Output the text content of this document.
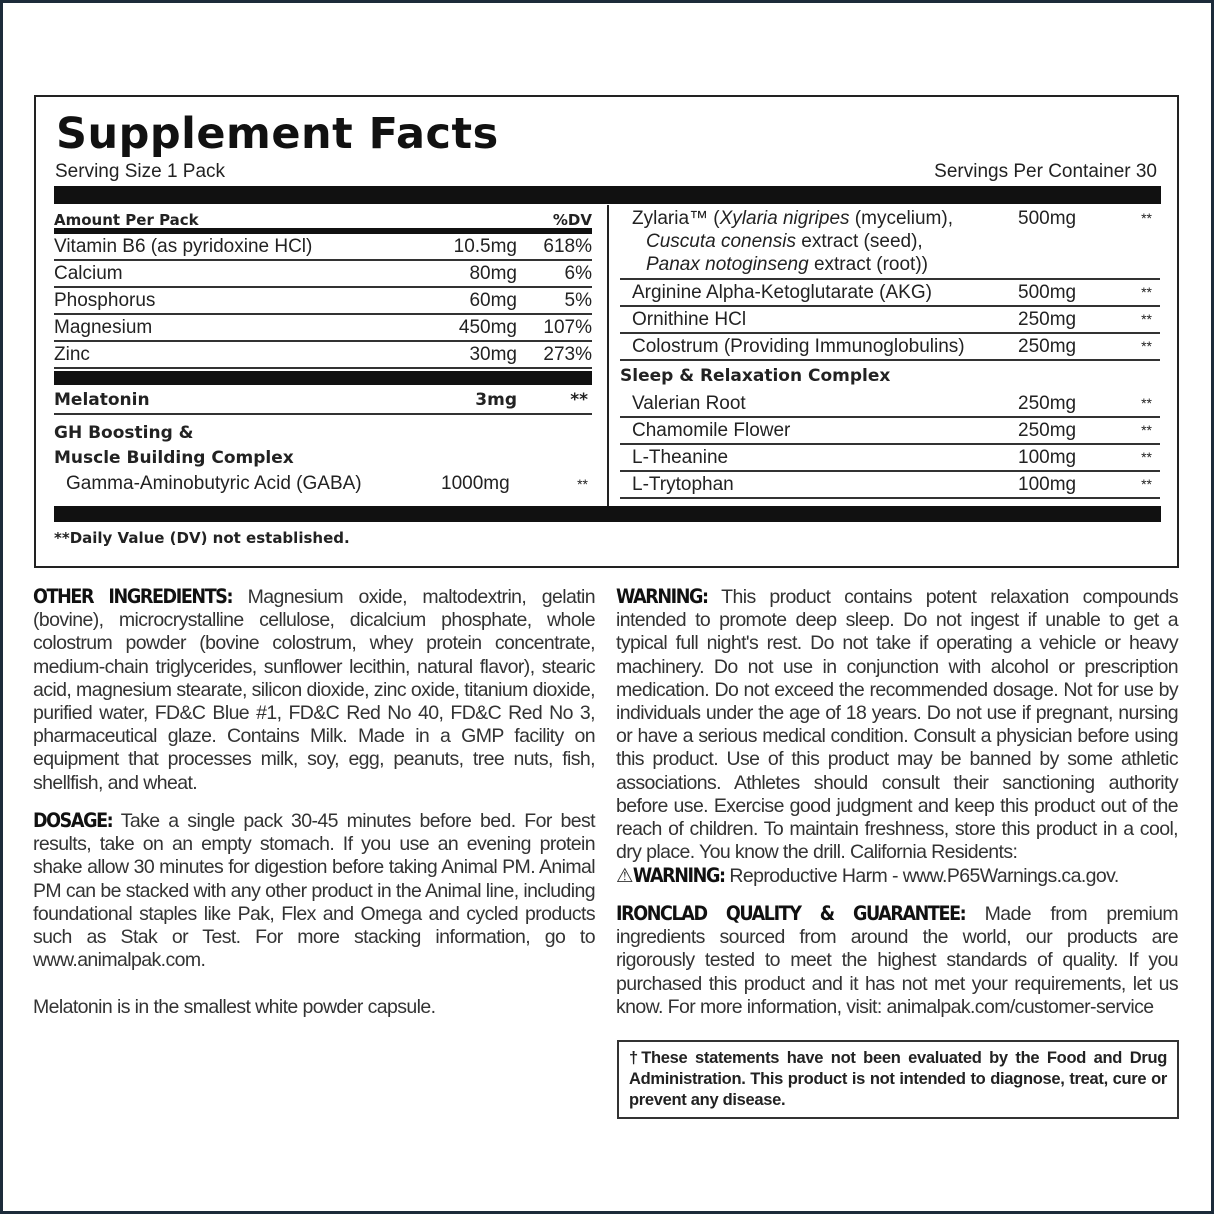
Supplement Facts
Serving Size 1 Pack	Servings Per Container 30
Amount Per Pack	%DV
Vitamin B6 (as pyridoxine HCl)	10.5mg 618%
Calcium	80mg	6%
Phosphorus	60mg	5%
Magnesium	450mg 107%
Zinc	30mg 273%
Melatonin	3mg	**
GH Boosting &
Muscle Building Complex
Gamma-Aminobutyric Acid (GABA)	1000mg	**
Zylaria™ (Xylaria nigripes (mycelium),
Cuscuta conensis extract (seed),
Panax notoginseng extract (root))
500mg	**
Arginine Alpha-Ketoglutarate (AKG)	500mg	**
Ornithine HCl	250mg	**
Colostrum (Providing Immunoglobulins)	250mg	**
Sleep & Relaxation Complex
Valerian Root	250mg	**
Chamomile Flower	250mg	**
L-Theanine	100mg	**
L-Trytophan	100mg	**
**Daily Value (DV) not established.
OTHER INGREDIENTS: Magnesium oxide, maltodextrin, gelatin (bovine), microcrystalline cellulose, dicalcium phosphate, whole colostrum powder (bovine colostrum, whey protein concentrate, medium-chain triglycerides, sunflower lecithin, natural flavor), stearic acid, magnesium stearate, silicon dioxide, zinc oxide, titanium dioxide, purified water, FD&C Blue #1, FD&C Red No 40, FD&C Red No 3, pharmaceutical glaze. Contains Milk. Made in a GMP facility on equipment that processes milk, soy, egg, peanuts, tree nuts, fish, shellfish, and wheat.
DOSAGE: Take a single pack 30-45 minutes before bed. For best results, take on an empty stomach. If you use an evening protein shake allow 30 minutes for digestion before taking Animal PM. Animal PM can be stacked with any other product in the Animal line, including foundational staples like Pak, Flex and Omega and cycled products such as Stak or Test. For more stacking information, go to www.animalpak.com.
Melatonin is in the smallest white powder capsule.
WARNING: This product contains potent relaxation compounds intended to promote deep sleep. Do not ingest if unable to get a typical full night's rest. Do not take if operating a vehicle or heavy machinery. Do not use in conjunction with alcohol or prescription medication. Do not exceed the recommended dosage. Not for use by individuals under the age of 18 years. Do not use if pregnant, nursing or have a serious medical condition. Consult a physician before using this product. Use of this product may be banned by some athletic associations. Athletes should consult their sanctioning authority before use. Exercise good judgment and keep this product out of the reach of children. To maintain freshness, store this product in a cool, dry place. You know the drill. California Residents:
⚠WARNING: Reproductive Harm - www.P65Warnings.ca.gov.
IRONCLAD QUALITY & GUARANTEE: Made from premium ingredients sourced from around the world, our products are rigorously tested to meet the highest standards of quality. If you purchased this product and it has not met your requirements, let us know. For more information, visit: animalpak.com/customer-service
†These statements have not been evaluated by the Food and Drug Administration. This product is not intended to diagnose, treat, cure or prevent any disease.
